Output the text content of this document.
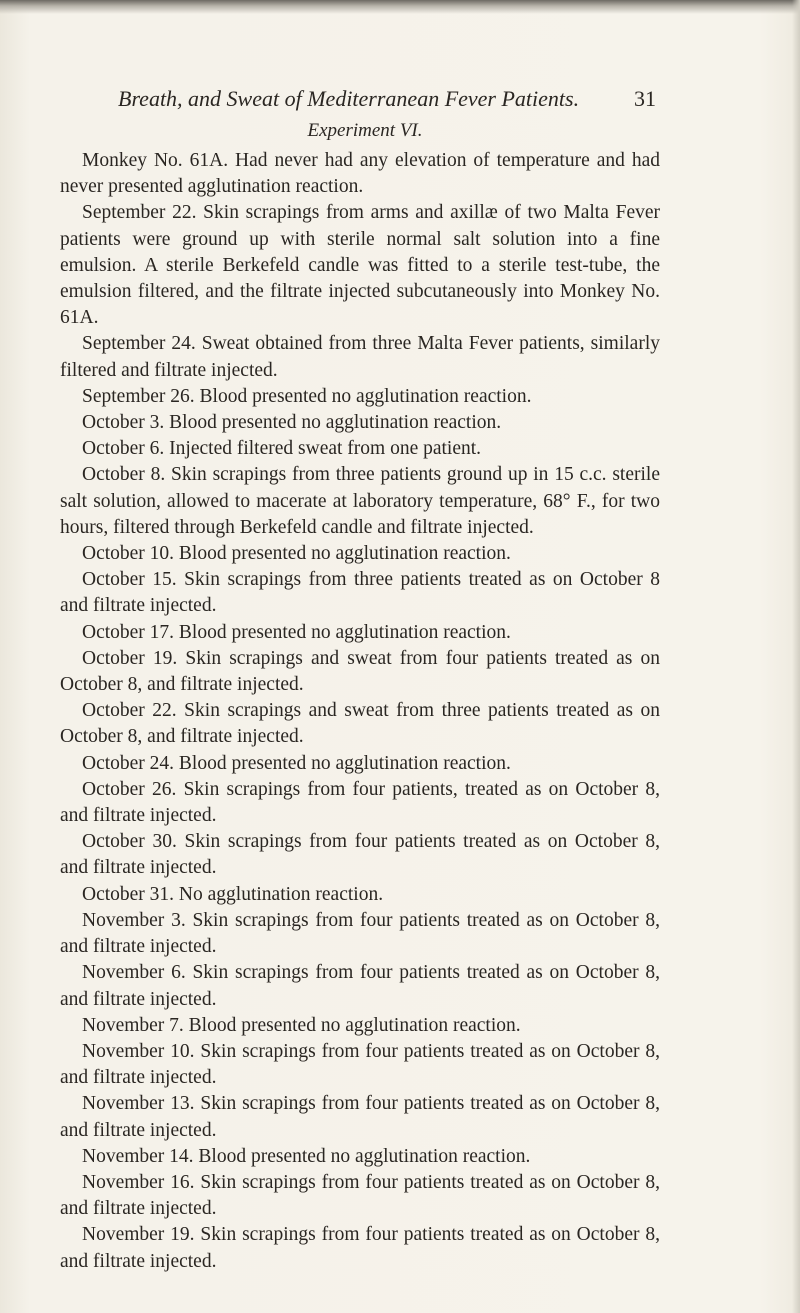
Breath, and Sweat of Mediterranean Fever Patients. 31
Experiment VI.

Monkey No. 61A. Had never had any elevation of temperature and had never presented agglutination reaction.

September 22. Skin scrapings from arms and axillæ of two Malta Fever patients were ground up with sterile normal salt solution into a fine emulsion. A sterile Berkefeld candle was fitted to a sterile test-tube, the emulsion filtered, and the filtrate injected subcutaneously into Monkey No. 61A.

September 24. Sweat obtained from three Malta Fever patients, similarly filtered and filtrate injected.

September 26. Blood presented no agglutination reaction.

October 3. Blood presented no agglutination reaction.

October 6. Injected filtered sweat from one patient.

October 8. Skin scrapings from three patients ground up in 15 c.c. sterile salt solution, allowed to macerate at laboratory temperature, 68° F., for two hours, filtered through Berkefeld candle and filtrate injected.

October 10. Blood presented no agglutination reaction.

October 15. Skin scrapings from three patients treated as on October 8 and filtrate injected.

October 17. Blood presented no agglutination reaction.

October 19. Skin scrapings and sweat from four patients treated as on October 8, and filtrate injected.

October 22. Skin scrapings and sweat from three patients treated as on October 8, and filtrate injected.

October 24. Blood presented no agglutination reaction.

October 26. Skin scrapings from four patients, treated as on October 8, and filtrate injected.

October 30. Skin scrapings from four patients treated as on October 8, and filtrate injected.

October 31. No agglutination reaction.

November 3. Skin scrapings from four patients treated as on October 8, and filtrate injected.

November 6. Skin scrapings from four patients treated as on October 8, and filtrate injected.

November 7. Blood presented no agglutination reaction.

November 10. Skin scrapings from four patients treated as on October 8, and filtrate injected.

November 13. Skin scrapings from four patients treated as on October 8, and filtrate injected.

November 14. Blood presented no agglutination reaction.

November 16. Skin scrapings from four patients treated as on October 8, and filtrate injected.

November 19. Skin scrapings from four patients treated as on October 8, and filtrate injected.
